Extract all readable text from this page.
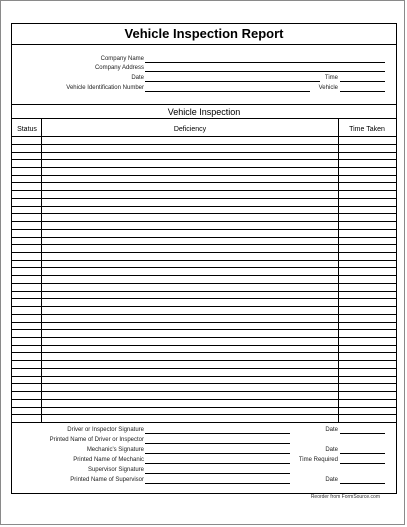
Vehicle Inspection Report
Company Name
Company Address
Date	Time
Vehicle Identification Number	Vehicle
Vehicle Inspection
Status	Deficiency	Time Taken
Driver or Inspector Signature	Date
Printed Name of Driver or Inspector
Mechanic's Signature	Date
Printed Name of Mechanic	Time Required
Supervisor Signature
Printed Name of Supervisor	Date
Reorder from FormSource.com
